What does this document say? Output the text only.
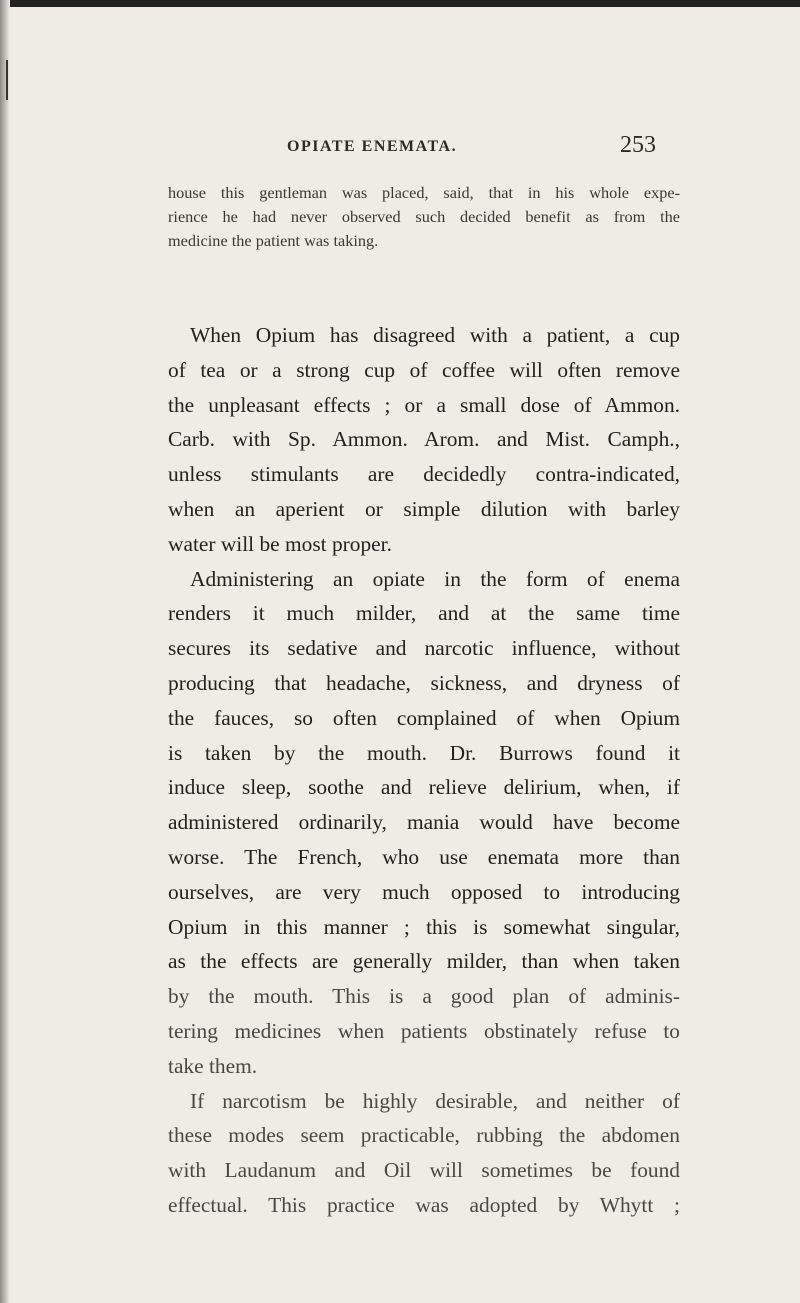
OPIATE ENEMATA.	253
house this gentleman was placed, said, that in his whole expe-
rience he had never observed such decided benefit as from the
medicine the patient was taking.
When Opium has disagreed with a patient, a cup
of tea or a strong cup of coffee will often remove
the unpleasant effects ; or a small dose of Ammon.
Carb. with Sp. Ammon. Arom. and Mist. Camph.,
unless stimulants are decidedly contra-indicated,
when an aperient or simple dilution with barley
water will be most proper.
Administering an opiate in the form of enema
renders it much milder, and at the same time
secures its sedative and narcotic influence, without
producing that headache, sickness, and dryness of
the fauces, so often complained of when Opium
is taken by the mouth. Dr. Burrows found it
induce sleep, soothe and relieve delirium, when, if
administered ordinarily, mania would have become
worse. The French, who use enemata more than
ourselves, are very much opposed to introducing
Opium in this manner ; this is somewhat singular,
as the effects are generally milder, than when taken
by the mouth. This is a good plan of adminis-
tering medicines when patients obstinately refuse to
take them.
If narcotism be highly desirable, and neither of
these modes seem practicable, rubbing the abdomen
with Laudanum and Oil will sometimes be found
effectual. This practice was adopted by Whytt ;
